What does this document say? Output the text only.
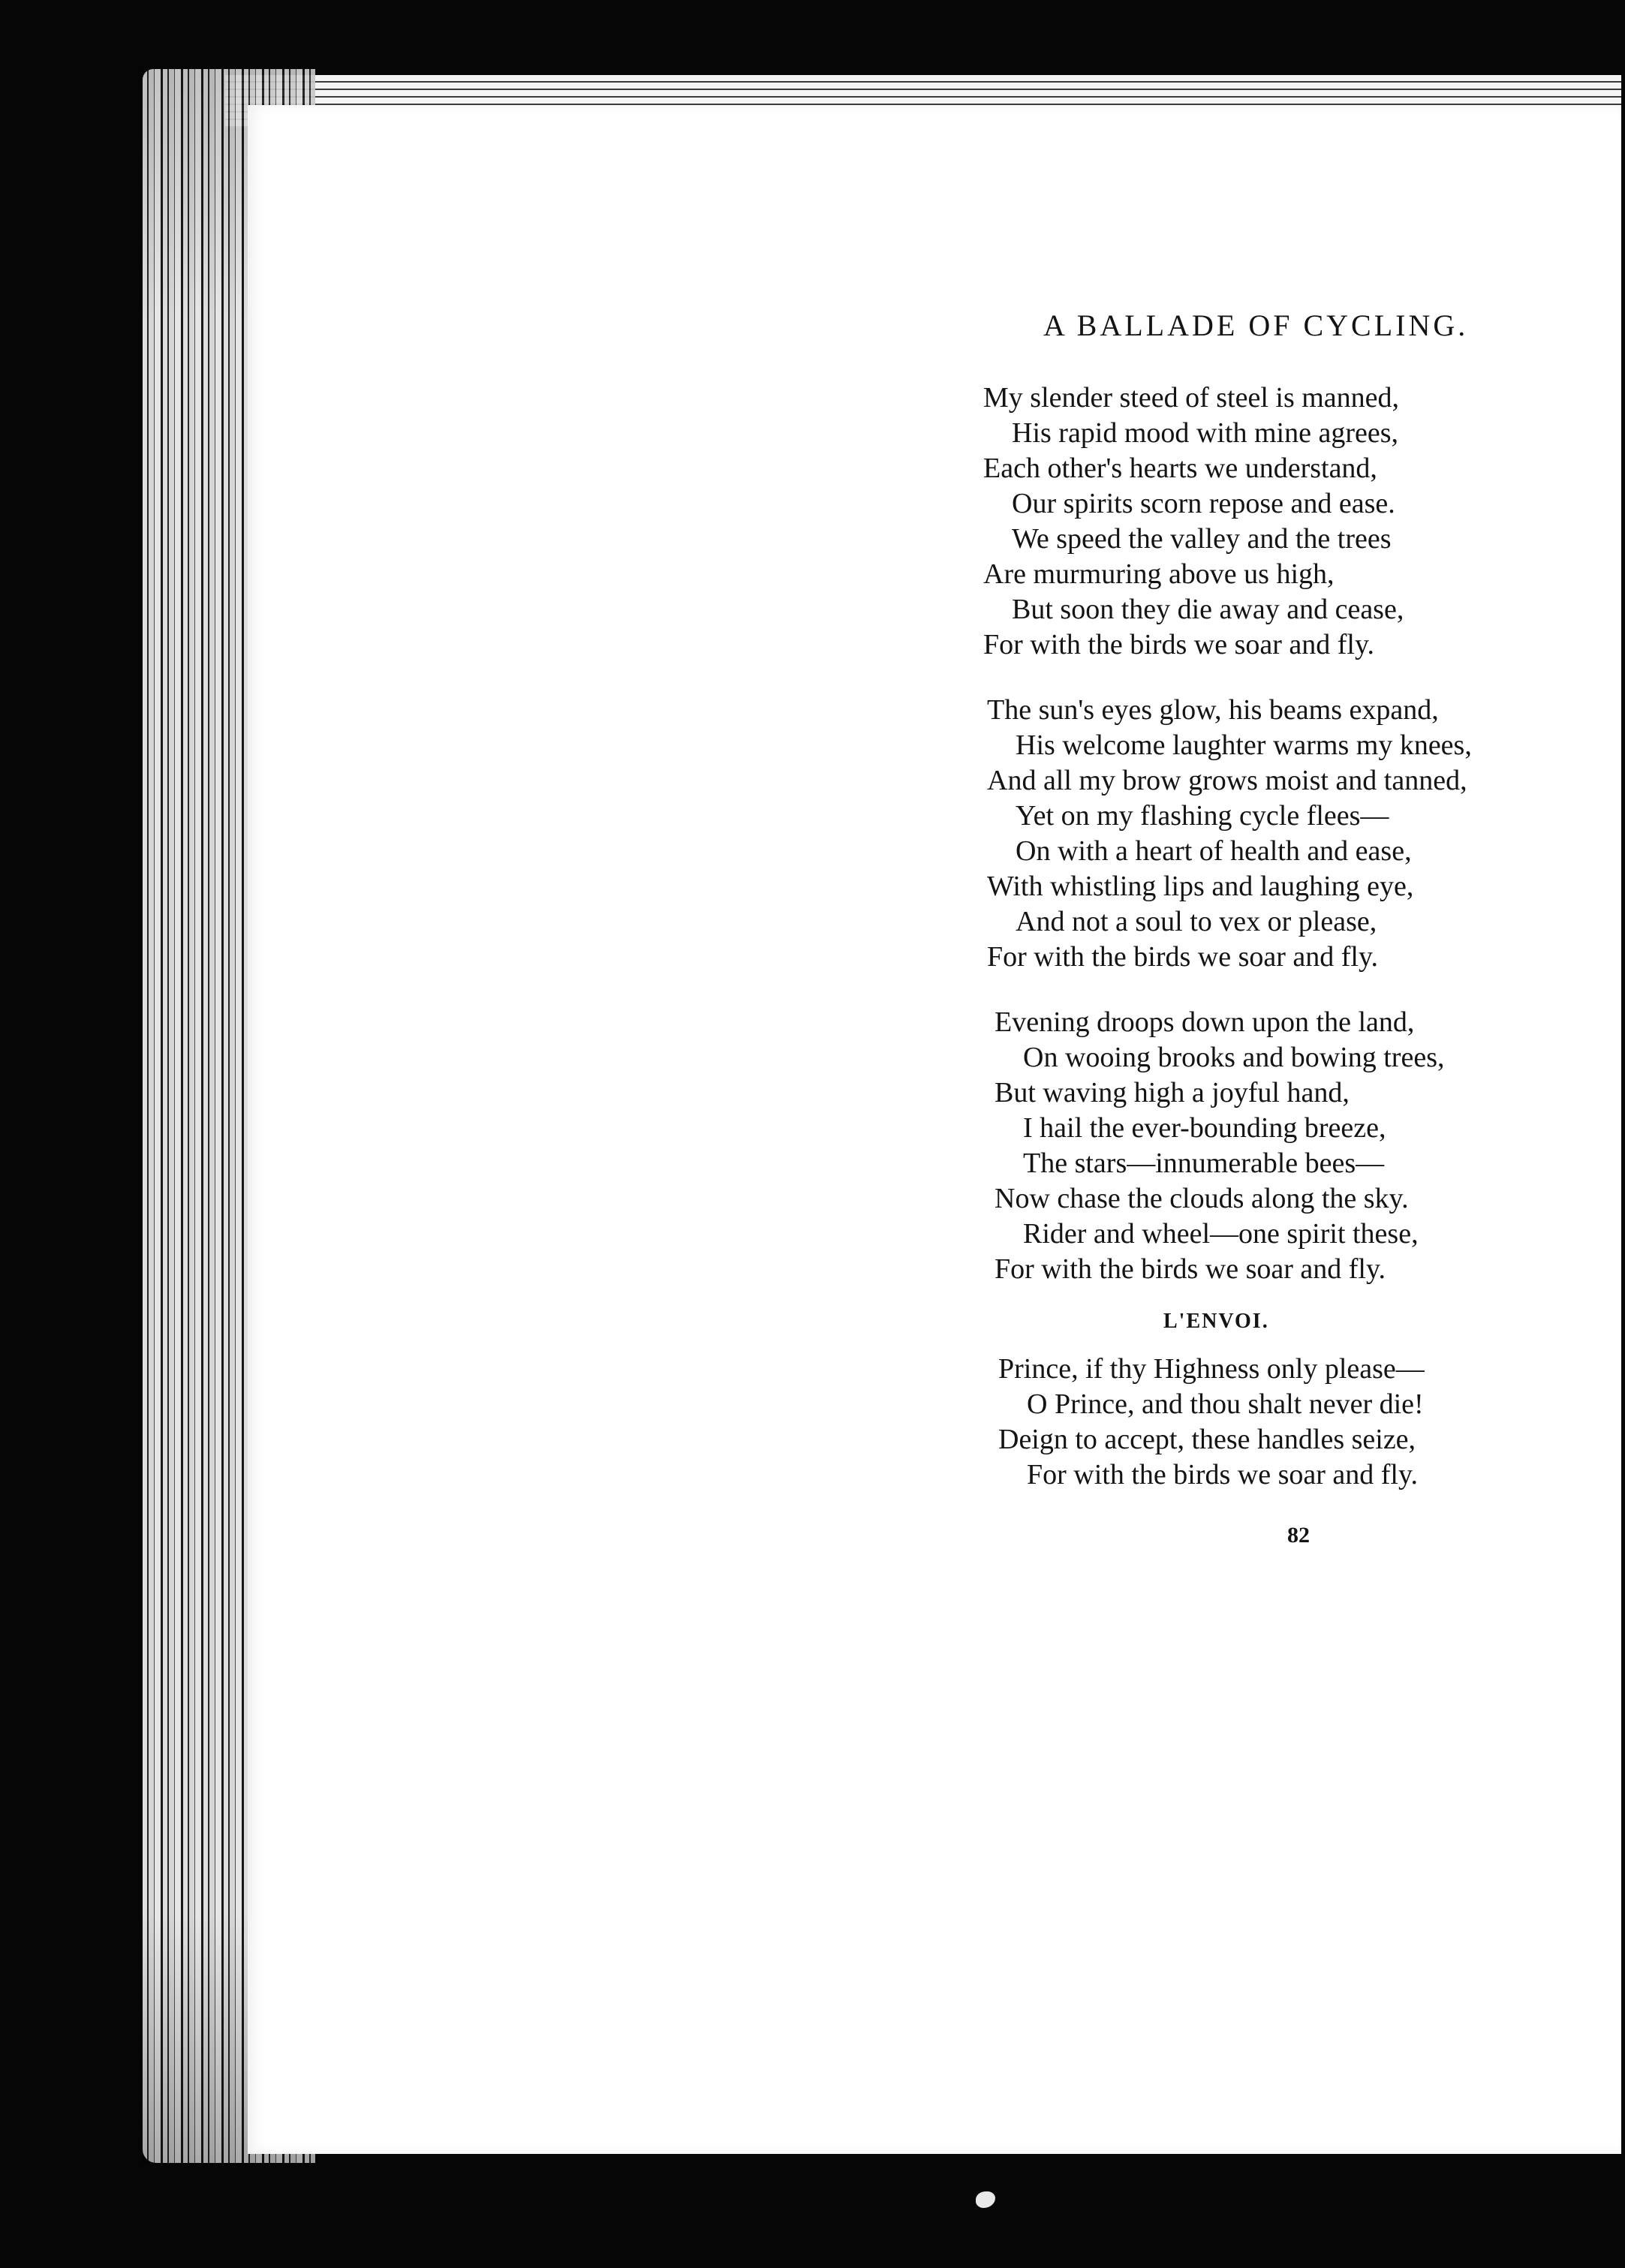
A BALLADE OF CYCLING.
My slender steed of steel is manned,
His rapid mood with mine agrees,
Each other's hearts we understand,
Our spirits scorn repose and ease.
We speed the valley and the trees
Are murmuring above us high,
But soon they die away and cease,
For with the birds we soar and fly.
The sun's eyes glow, his beams expand,
His welcome laughter warms my knees,
And all my brow grows moist and tanned,
Yet on my flashing cycle flees—
On with a heart of health and ease,
With whistling lips and laughing eye,
And not a soul to vex or please,
For with the birds we soar and fly.
Evening droops down upon the land,
On wooing brooks and bowing trees,
But waving high a joyful hand,
I hail the ever-bounding breeze,
The stars—innumerable bees—
Now chase the clouds along the sky.
Rider and wheel—one spirit these,
For with the birds we soar and fly.
L'ENVOI.
Prince, if thy Highness only please—
O Prince, and thou shalt never die!
Deign to accept, these handles seize,
For with the birds we soar and fly.
82
